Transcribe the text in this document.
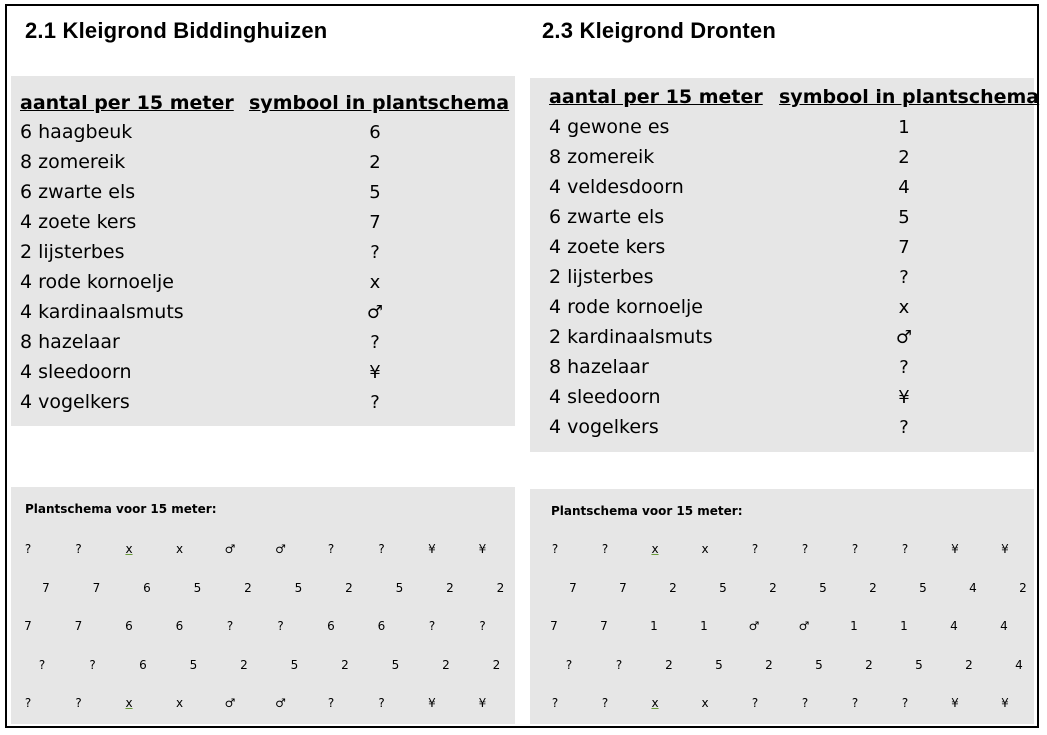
2.1 Kleigrond Biddinghuizen
aantal per 15 meter symbool in plantschema
6 haagbeuk	6
8 zomereik	2
6 zwarte els	5
4 zoete kers	7
2 lijsterbes	?
4 rode kornoelje	x
4 kardinaalsmuts	♂
8 hazelaar	?
4 sleedoorn	¥
4 vogelkers	?
Plantschema voor 15 meter:
?	?	x	x	♂	♂	?	?	¥	¥
7	7	6	5	2	5	2	5	2	2
7	7	6	6	?	?	6	6	?	?
?	?	6	5	2	5	2	5	2	2
?	?	x	x	♂	♂	?	?	¥	¥
2.3 Kleigrond Dronten
aantal per 15 meter symbool in plantschema
4 gewone es	1
8 zomereik	2
4 veldesdoorn	4
6 zwarte els	5
4 zoete kers	7
2 lijsterbes	?
4 rode kornoelje	x
2 kardinaalsmuts	♂
8 hazelaar	?
4 sleedoorn	¥
4 vogelkers	?
Plantschema voor 15 meter:
?	?	x	x	?	?	?	?	¥	¥
7	7	2	5	2	5	2	5	4	2
7	7	1	1	♂	♂	1	1	4	4
?	?	2	5	2	5	2	5	2	4
?	?	x	x	?	?	?	?	¥	¥
